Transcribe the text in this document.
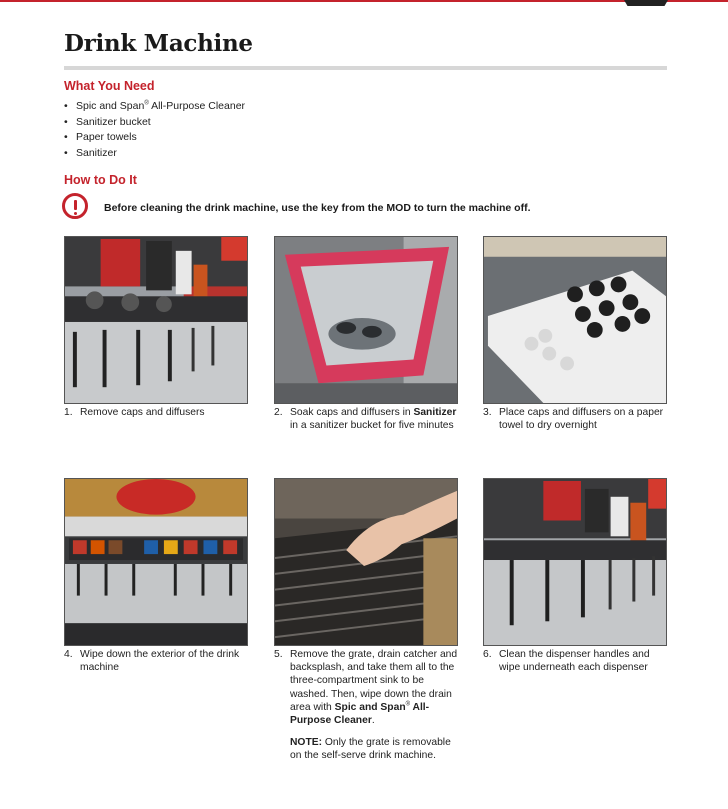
Drink Machine
What You Need
• Spic and Span® All-Purpose Cleaner
• Sanitizer bucket
• Paper towels
• Sanitizer
How to Do It
Before cleaning the drink machine, use the key from the MOD to turn the machine off.
1. Remove caps and diffusers	2. Soak caps and diffusers in Sanitizer in a sanitizer bucket for five minutes
3. Place caps and diffusers on a paper towel to dry overnight
4. Wipe down the exterior of the drink machine
5. Remove the grate, drain catcher and backsplash, and take them all to the three-compartment sink to be washed. Then, wipe down the drain area with Spic and Span® All-Purpose Cleaner.
NOTE: Only the grate is removable on the self-serve drink machine.
6. Clean the dispenser handles and wipe underneath each dispenser
